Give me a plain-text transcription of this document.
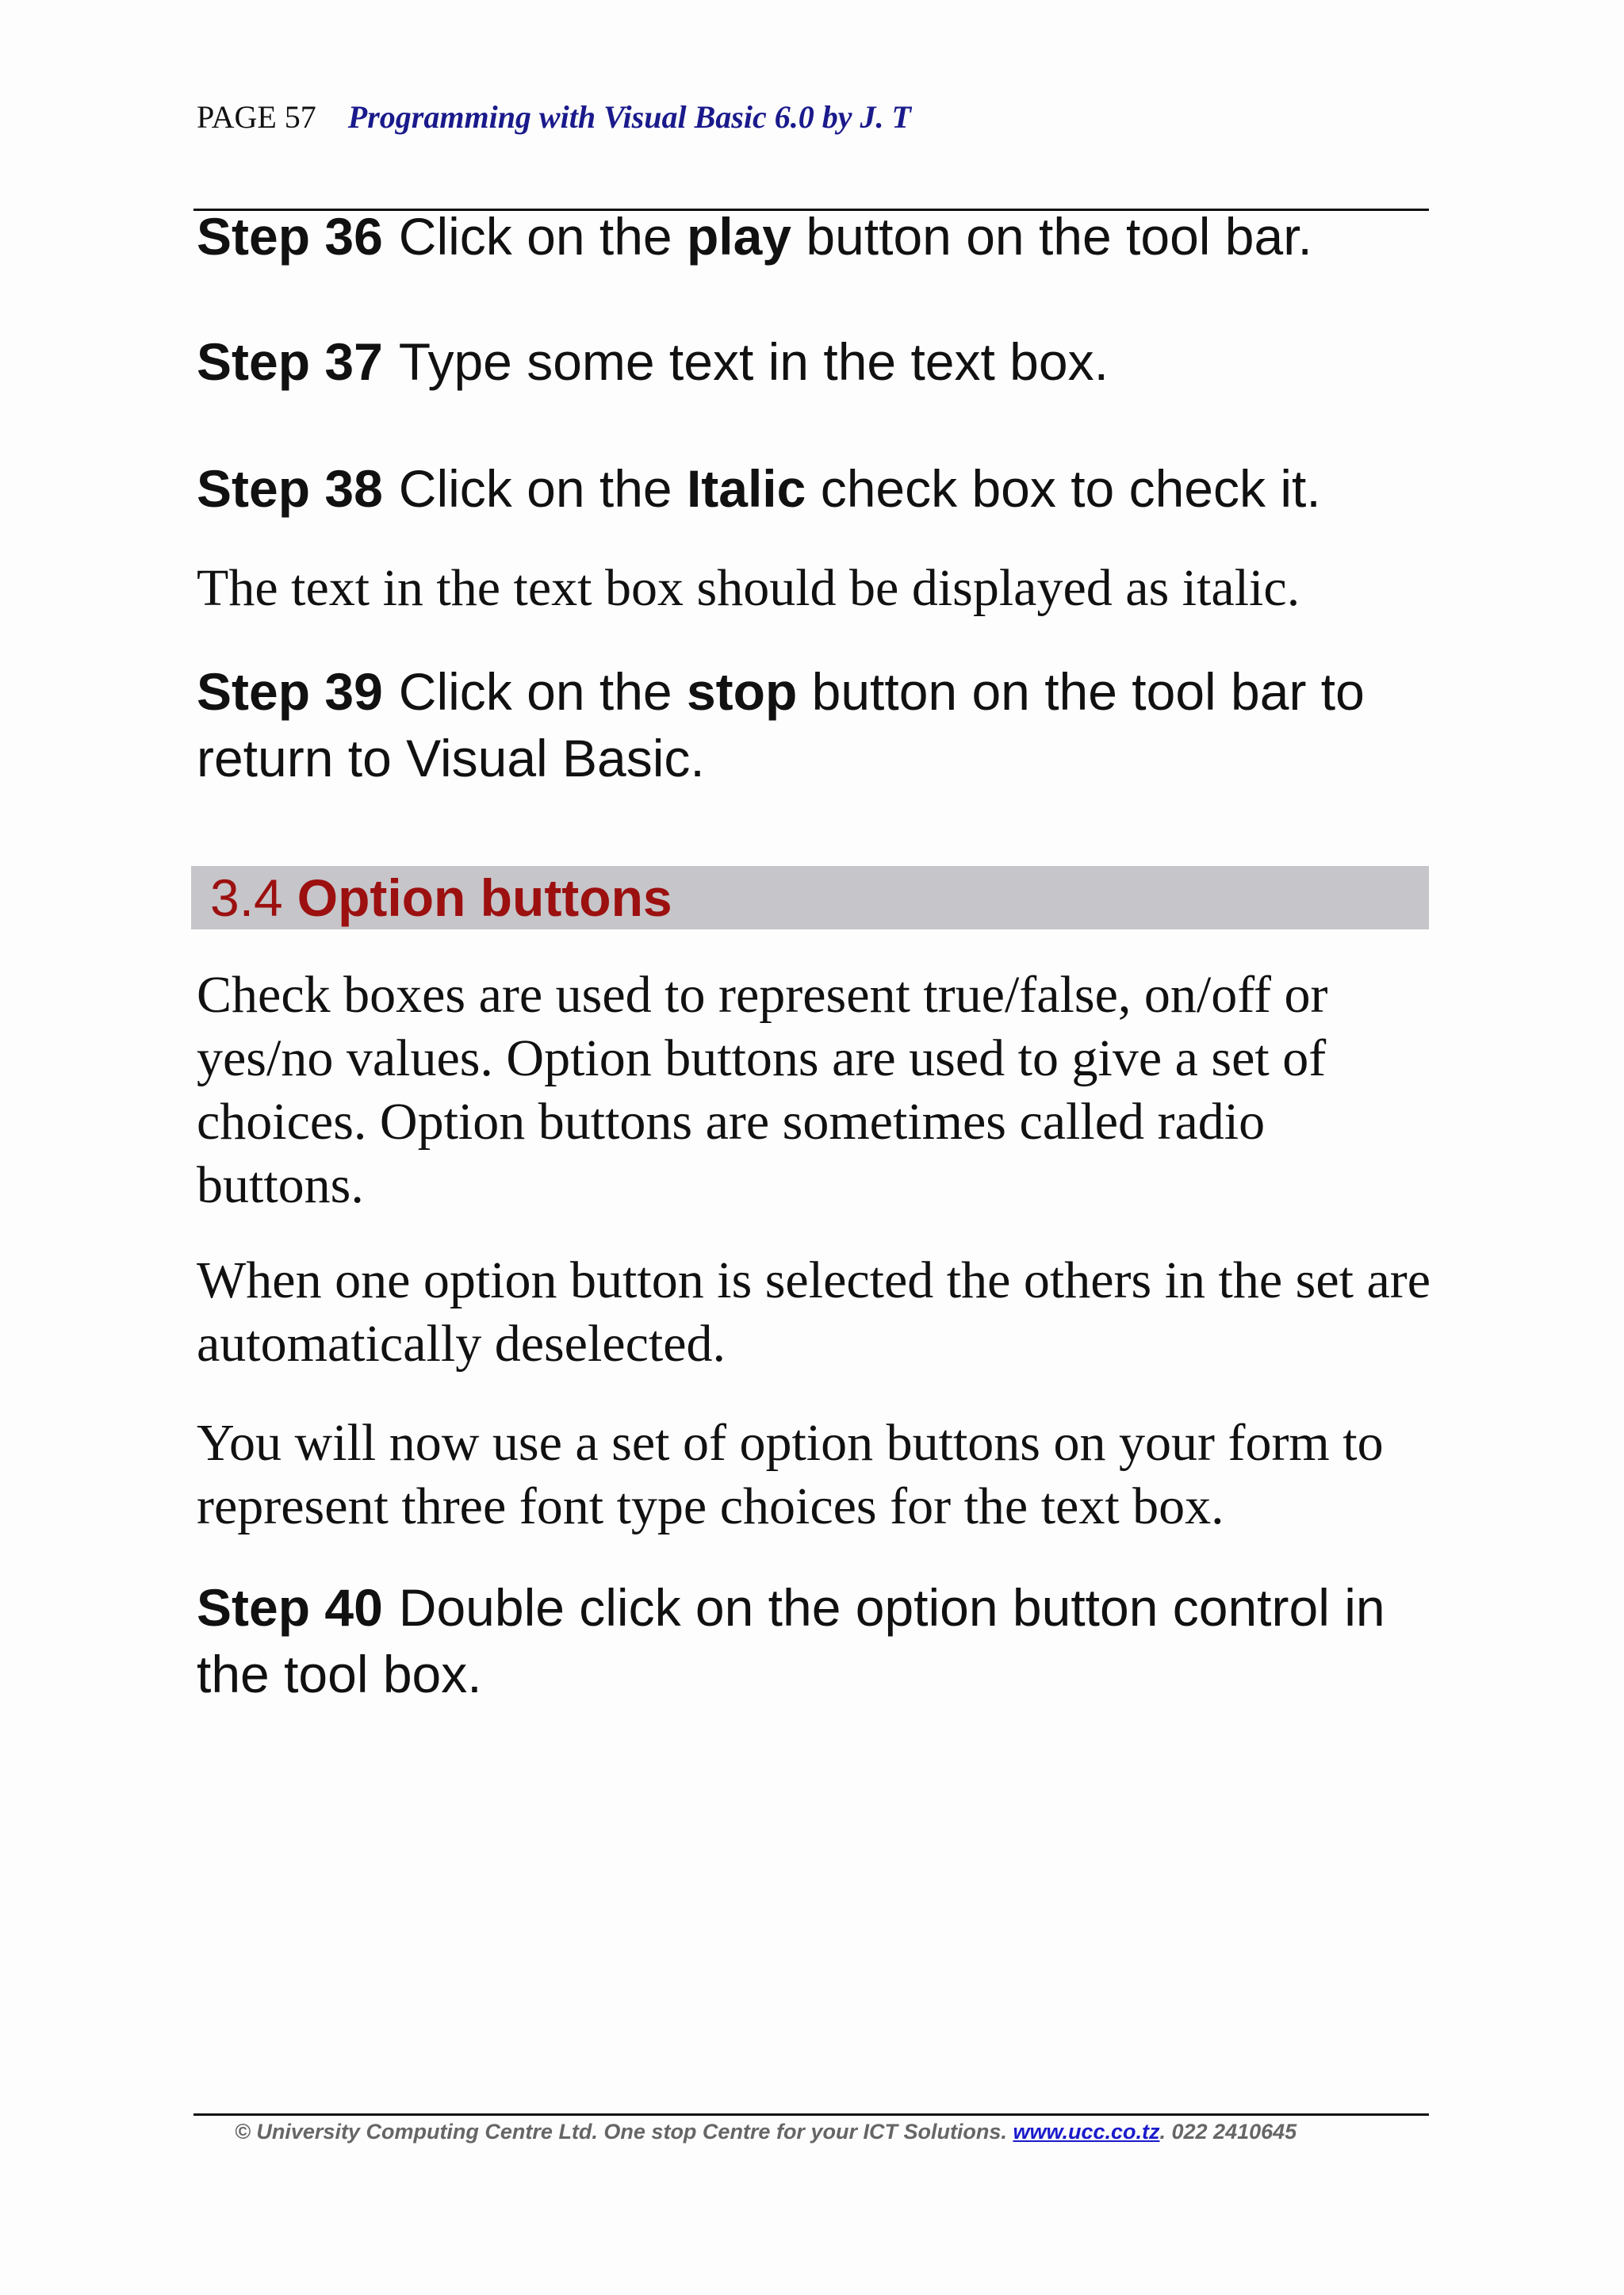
PAGE 57 Programming with Visual Basic 6.0 by J. T
Step 36 Click on the play button on the tool bar.
Step 37 Type some text in the text box.
Step 38 Click on the Italic check box to check it.
The text in the text box should be displayed as italic.
Step 39 Click on the stop button on the tool bar to return to Visual Basic.
3.4 Option buttons
Check boxes are used to represent true/false, on/off or yes/no values. Option buttons are used to give a set of choices. Option buttons are sometimes called radio buttons.
When one option button is selected the others in the set are automatically deselected.
You will now use a set of option buttons on your form to represent three font type choices for the text box.
Step 40 Double click on the option button control in the tool box.
© University Computing Centre Ltd. One stop Centre for your ICT Solutions. www.ucc.co.tz. 022 2410645
